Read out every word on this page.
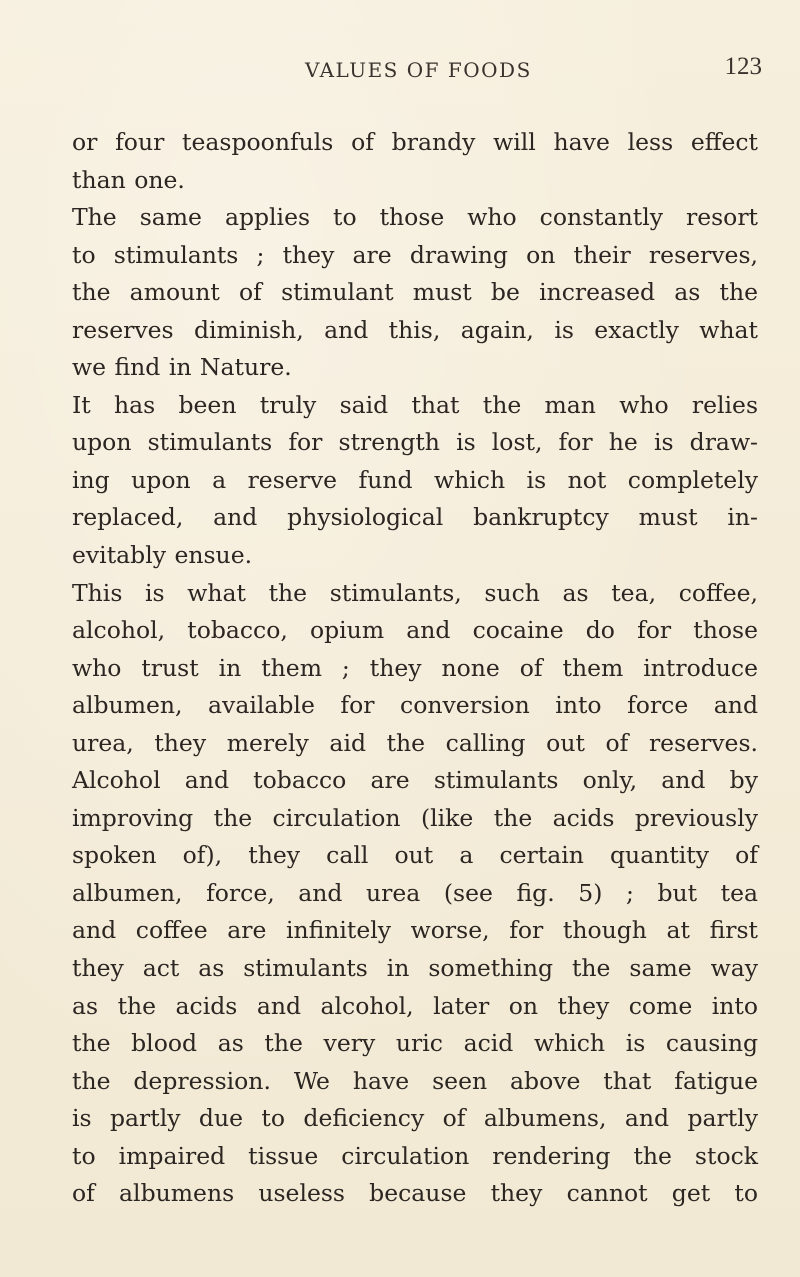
VALUES OF FOODS	123
or four teaspoonfuls of brandy will have less effect
than one.
The same applies to those who constantly resort
to stimulants ; they are drawing on their reserves,
the amount of stimulant must be increased as the
reserves diminish, and this, again, is exactly what
we find in Nature.
It has been truly said that the man who relies
upon stimulants for strength is lost, for he is draw-
ing upon a reserve fund which is not completely
replaced, and physiological bankruptcy must in-
evitably ensue.
This is what the stimulants, such as tea, coffee,
alcohol, tobacco, opium and cocaine do for those
who trust in them ; they none of them introduce
albumen, available for conversion into force and
urea, they merely aid the calling out of reserves.
Alcohol and tobacco are stimulants only, and by
improving the circulation (like the acids previously
spoken of), they call out a certain quantity of
albumen, force, and urea (see fig. 5) ; but tea
and coffee are infinitely worse, for though at first
they act as stimulants in something the same way
as the acids and alcohol, later on they come into
the blood as the very uric acid which is causing
the depression. We have seen above that fatigue
is partly due to deficiency of albumens, and partly
to impaired tissue circulation rendering the stock
of albumens useless because they cannot get to
